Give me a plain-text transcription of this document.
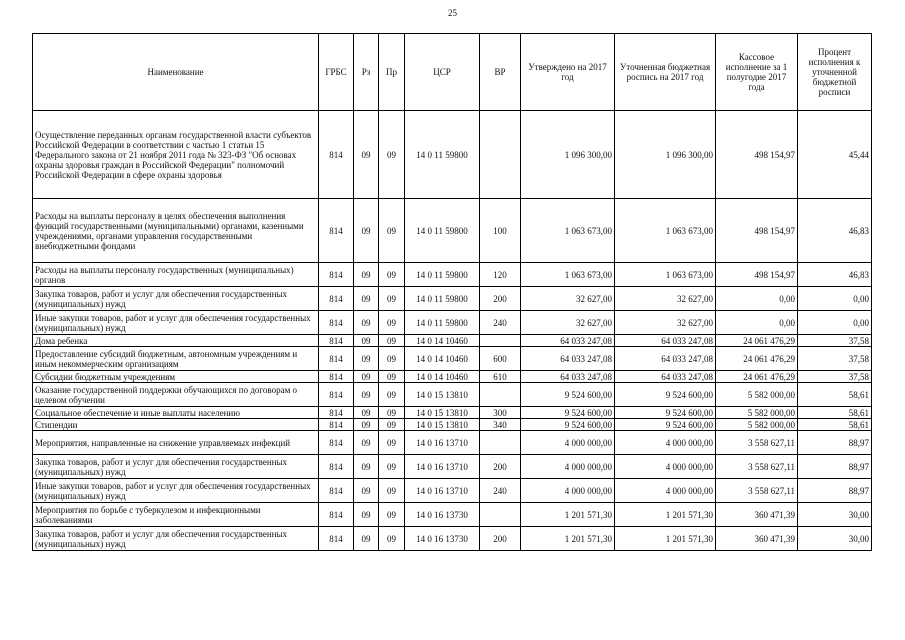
25
Наименование	ГРБС	Рз	Пр	ЦСР	ВР	Утверждено на 2017 год	Уточненная бюджетная роспись на 2017 год	Кассовое исполнение за 1 полугодие 2017 года	Процент исполнения к уточненной бюджетной росписи
Осуществление переданных органам государственной власти субъектов Российской Федерации в соответствии с частью 1 статьи 15 Федерального закона от 21 ноября 2011 года № 323-ФЗ "Об основах охраны здоровья граждан в Российской Федерации" полномочий Российской Федерации в сфере охраны здоровья	814	09	09	14 0 11 59800		1 096 300,00	1 096 300,00	498 154,97	45,44
Расходы на выплаты персоналу в целях обеспечения выполнения функций государственными (муниципальными) органами, казенными учреждениями, органами управления государственными внебюджетными фондами	814	09	09	14 0 11 59800	100	1 063 673,00	1 063 673,00	498 154,97	46,83
Расходы на выплаты персоналу государственных (муниципальных) органов	814	09	09	14 0 11 59800	120	1 063 673,00	1 063 673,00	498 154,97	46,83
Закупка товаров, работ и услуг для обеспечения государственных (муниципальных) нужд	814	09	09	14 0 11 59800	200	32 627,00	32 627,00	0,00	0,00
Иные закупки товаров, работ и услуг для обеспечения государственных (муниципальных) нужд	814	09	09	14 0 11 59800	240	32 627,00	32 627,00	0,00	0,00
Дома ребенка	814	09	09	14 0 14 10460		64 033 247,08	64 033 247,08	24 061 476,29	37,58
Предоставление субсидий бюджетным, автономным учреждениям и иным некоммерческим организациям	814	09	09	14 0 14 10460	600	64 033 247,08	64 033 247,08	24 061 476,29	37,58
Субсидии бюджетным учреждениям	814	09	09	14 0 14 10460	610	64 033 247,08	64 033 247,08	24 061 476,29	37,58
Оказание государственной поддержки обучающихся по договорам о целевом обучении	814	09	09	14 0 15 13810		9 524 600,00	9 524 600,00	5 582 000,00	58,61
Социальное обеспечение и иные выплаты населению	814	09	09	14 0 15 13810	300	9 524 600,00	9 524 600,00	5 582 000,00	58,61
Стипендии	814	09	09	14 0 15 13810	340	9 524 600,00	9 524 600,00	5 582 000,00	58,61
Мероприятия, направленные на снижение управляемых инфекций	814	09	09	14 0 16 13710		4 000 000,00	4 000 000,00	3 558 627,11	88,97
Закупка товаров, работ и услуг для обеспечения государственных (муниципальных) нужд	814	09	09	14 0 16 13710	200	4 000 000,00	4 000 000,00	3 558 627,11	88,97
Иные закупки товаров, работ и услуг для обеспечения государственных (муниципальных) нужд	814	09	09	14 0 16 13710	240	4 000 000,00	4 000 000,00	3 558 627,11	88,97
Мероприятия по борьбе с туберкулезом и инфекционными заболеваниями	814	09	09	14 0 16 13730		1 201 571,30	1 201 571,30	360 471,39	30,00
Закупка товаров, работ и услуг для обеспечения государственных (муниципальных) нужд	814	09	09	14 0 16 13730	200	1 201 571,30	1 201 571,30	360 471,39	30,00
